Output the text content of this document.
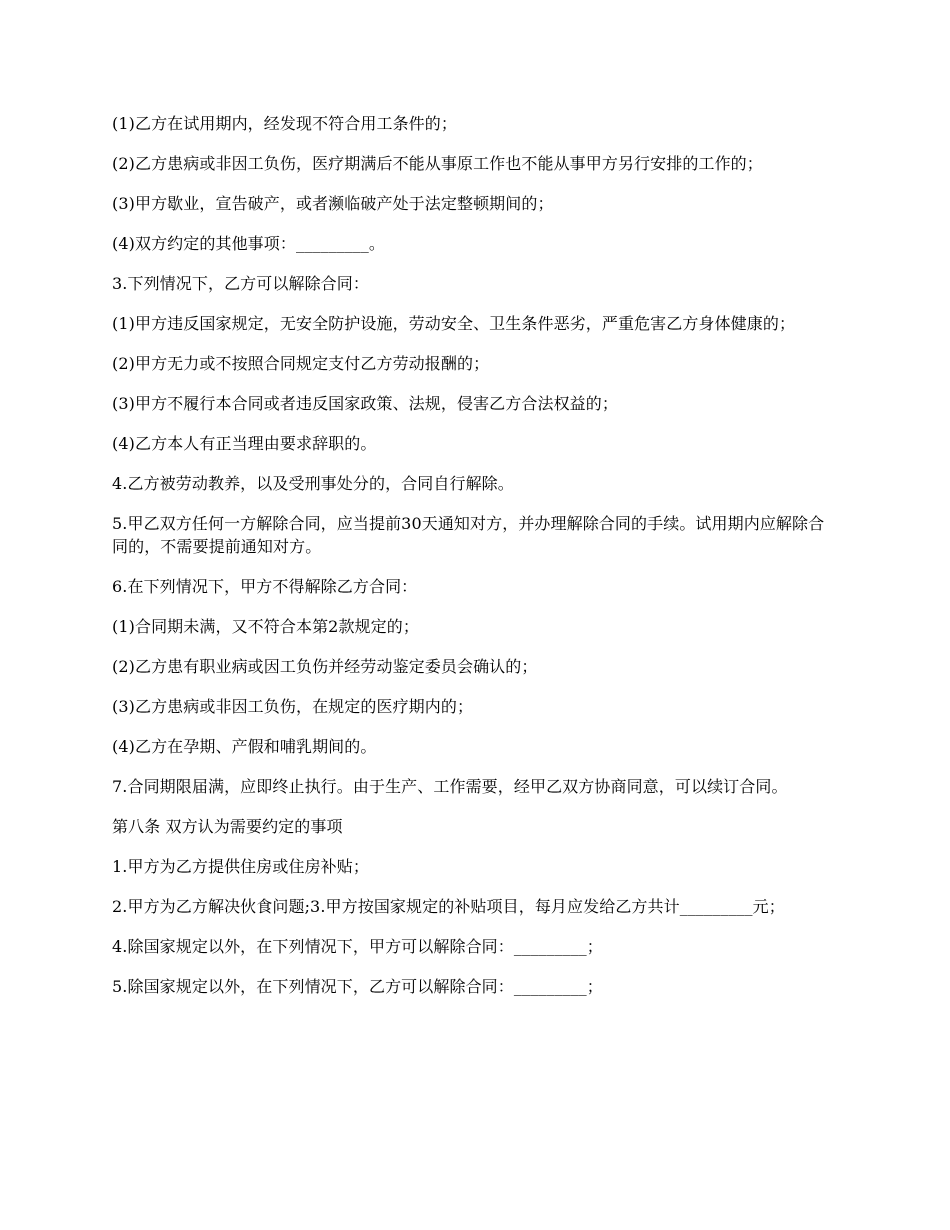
(1)乙方在试用期内，经发现不符合用工条件的；

(2)乙方患病或非因工负伤，医疗期满后不能从事原工作也不能从事甲方另行安排的工作的；

(3)甲方歇业，宣告破产，或者濒临破产处于法定整顿期间的；

(4)双方约定的其他事项：_________。

3.下列情况下，乙方可以解除合同：

(1)甲方违反国家规定，无安全防护设施，劳动安全、卫生条件恶劣，严重危害乙方身体健康的；

(2)甲方无力或不按照合同规定支付乙方劳动报酬的；

(3)甲方不履行本合同或者违反国家政策、法规，侵害乙方合法权益的；

(4)乙方本人有正当理由要求辞职的。

4.乙方被劳动教养，以及受刑事处分的，合同自行解除。

5.甲乙双方任何一方解除合同，应当提前30天通知对方，并办理解除合同的手续。试用期内应解除合同的，不需要提前通知对方。

6.在下列情况下，甲方不得解除乙方合同：

(1)合同期未满，又不符合本第2款规定的；

(2)乙方患有职业病或因工负伤并经劳动鉴定委员会确认的；

(3)乙方患病或非因工负伤，在规定的医疗期内的；

(4)乙方在孕期、产假和哺乳期间的。

7.合同期限届满，应即终止执行。由于生产、工作需要，经甲乙双方协商同意，可以续订合同。

第八条 双方认为需要约定的事项

1.甲方为乙方提供住房或住房补贴；

2.甲方为乙方解决伙食问题;3.甲方按国家规定的补贴项目，每月应发给乙方共计_________元；

4.除国家规定以外，在下列情况下，甲方可以解除合同：_________；

5.除国家规定以外，在下列情况下，乙方可以解除合同：_________；
